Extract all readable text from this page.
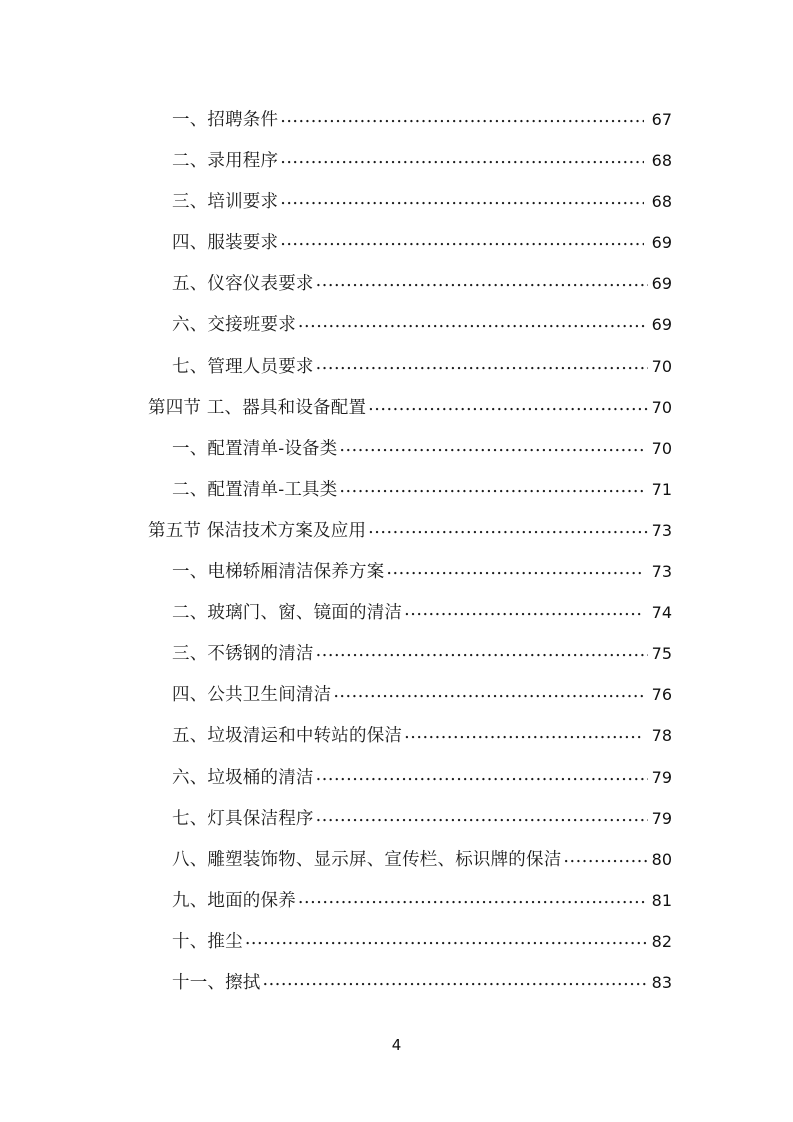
一、招聘条件 .....	67
二、录用程序 .....	68
三、培训要求 .....	68
四、服装要求 .....	69
五、仪容仪表要求 .....	69
六、交接班要求 .....	69
七、管理人员要求 .....	70
第四节 工、器具和设备配置 .....	70
一、配置清单-设备类 .....	70
二、配置清单-工具类 .....	71
第五节 保洁技术方案及应用 .....	73
一、电梯轿厢清洁保养方案 .....	73
二、玻璃门、窗、镜面的清洁 .....	74
三、不锈钢的清洁 .....	75
四、公共卫生间清洁 .....	76
五、垃圾清运和中转站的保洁 .....	78
六、垃圾桶的清洁 .....	79
七、灯具保洁程序 .....	79
八、雕塑装饰物、显示屏、宣传栏、标识牌的保洁 .....	80
九、地面的保养 .....	81
十、推尘 .....	82
十一、擦拭 .....	83
4
